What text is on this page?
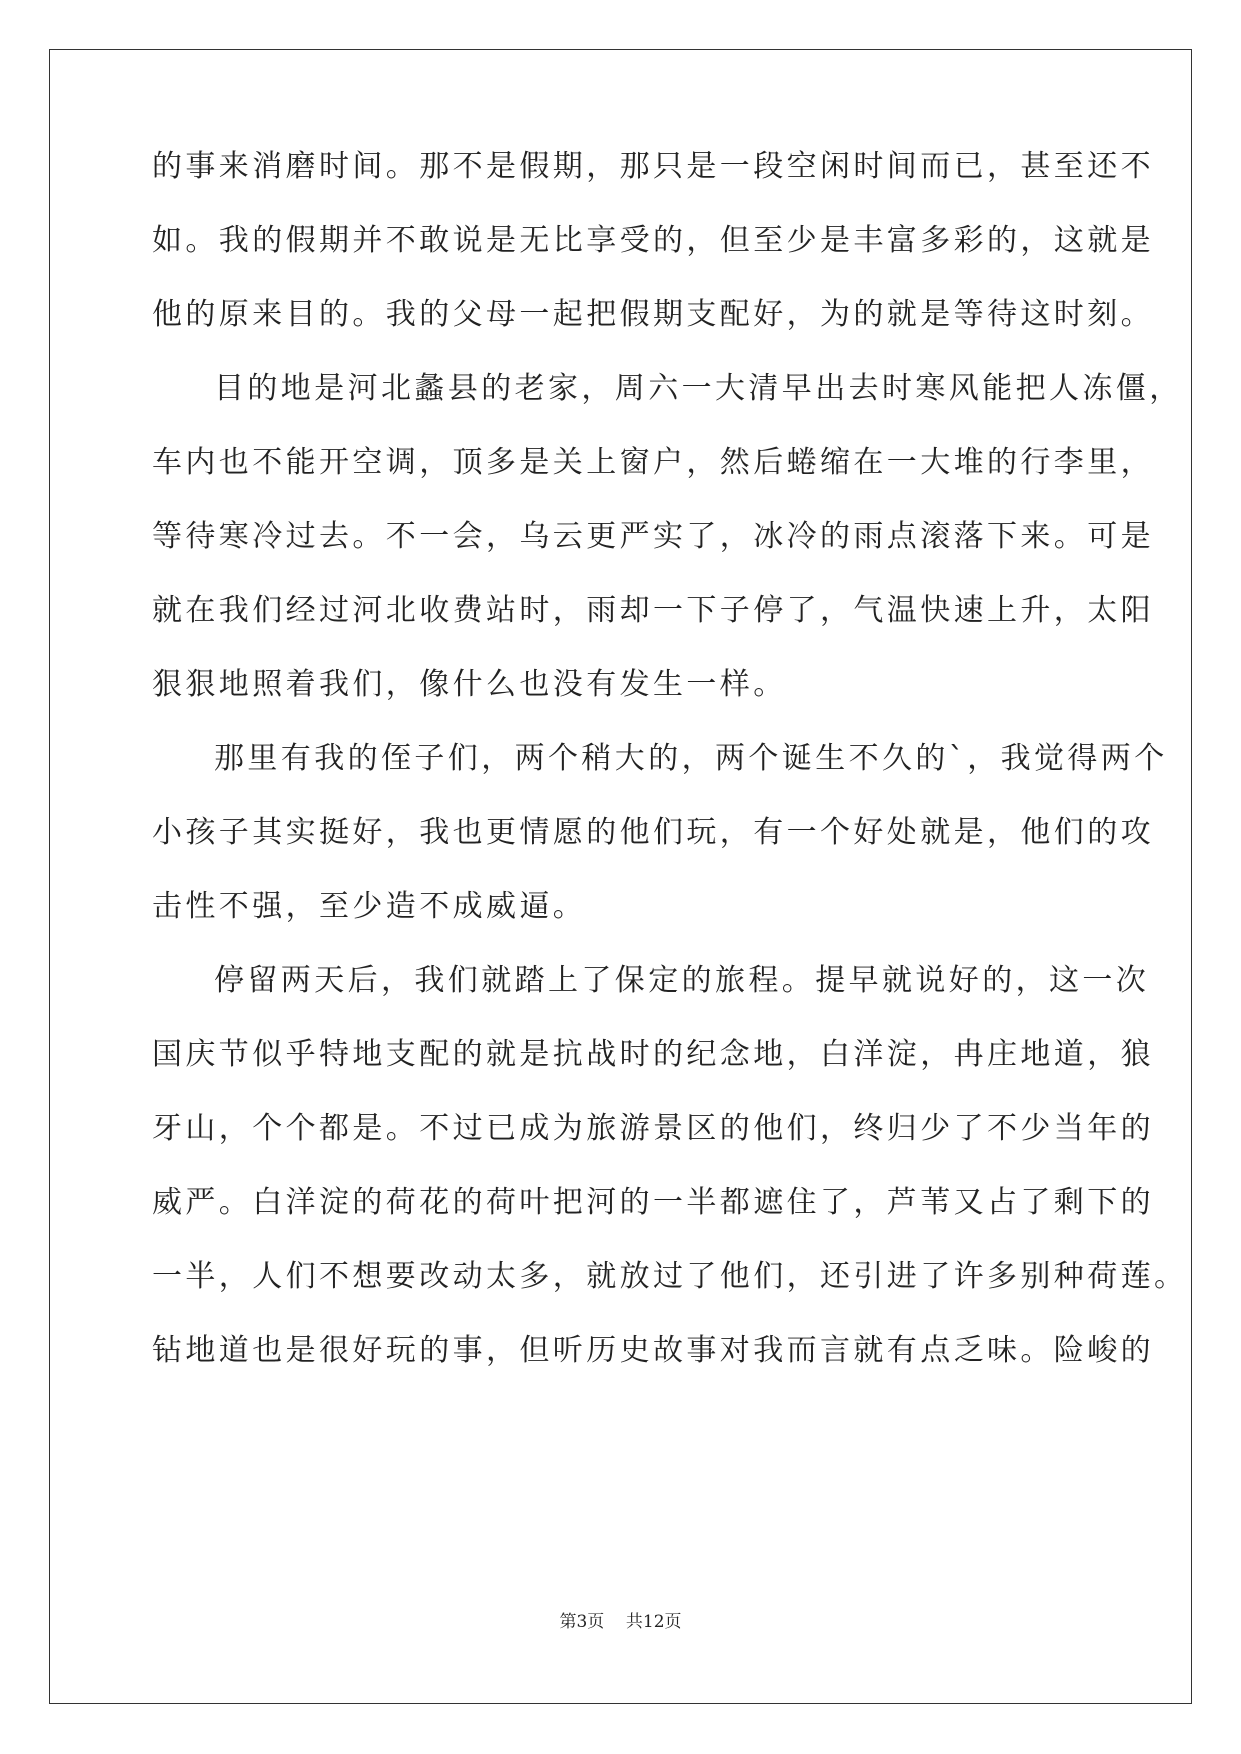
的事来消磨时间。那不是假期，那只是一段空闲时间而已，甚至还不

如。我的假期并不敢说是无比享受的，但至少是丰富多彩的，这就是

他的原来目的。我的父母一起把假期支配好，为的就是等待这时刻。

目的地是河北蠡县的老家，周六一大清早出去时寒风能把人冻僵，

车内也不能开空调，顶多是关上窗户，然后蜷缩在一大堆的行李里，

等待寒冷过去。不一会，乌云更严实了，冰冷的雨点滚落下来。可是

就在我们经过河北收费站时，雨却一下子停了，气温快速上升，太阳

狠狠地照着我们，像什么也没有发生一样。

那里有我的侄子们，两个稍大的，两个诞生不久的`，我觉得两个

小孩子其实挺好，我也更情愿的他们玩，有一个好处就是，他们的攻

击性不强，至少造不成威逼。

停留两天后，我们就踏上了保定的旅程。提早就说好的，这一次

国庆节似乎特地支配的就是抗战时的纪念地，白洋淀，冉庄地道，狼

牙山，个个都是。不过已成为旅游景区的他们，终归少了不少当年的

威严。白洋淀的荷花的荷叶把河的一半都遮住了，芦苇又占了剩下的

一半，人们不想要改动太多，就放过了他们，还引进了许多别种荷莲。

钻地道也是很好玩的事，但听历史故事对我而言就有点乏味。险峻的

第3页 共12页
